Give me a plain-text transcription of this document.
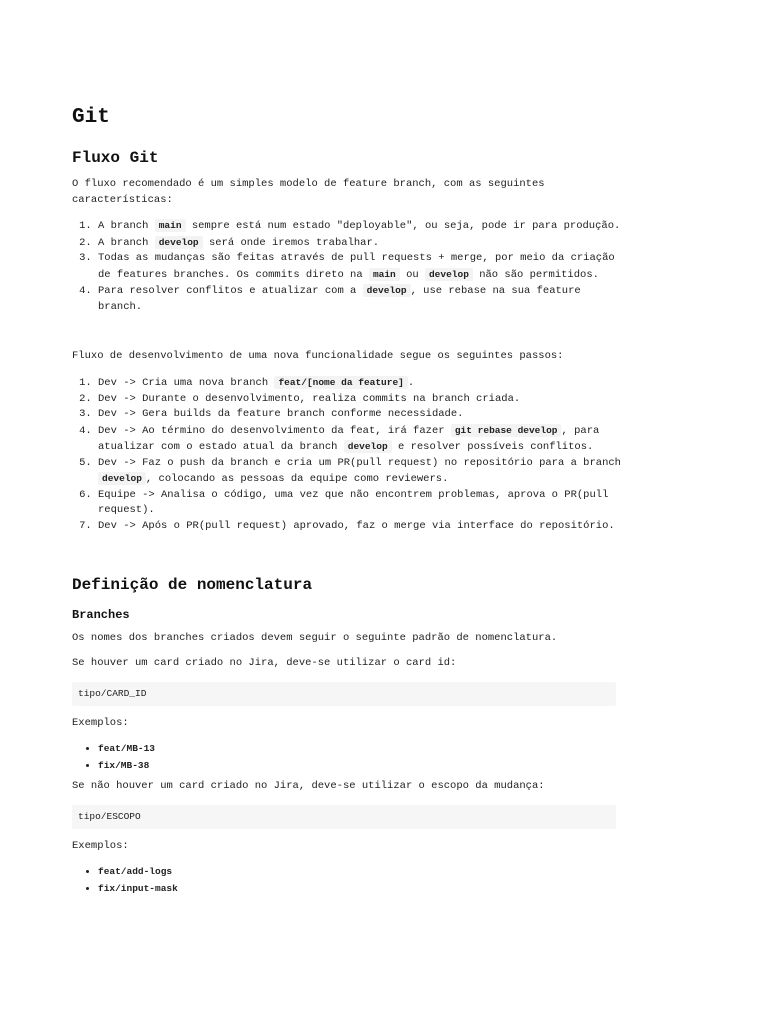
Git
Fluxo Git
O fluxo recomendado é um simples modelo de feature branch, com as seguintes características:
1. A branch main sempre está num estado "deployable", ou seja, pode ir para produção.
2. A branch develop será onde iremos trabalhar.
3. Todas as mudanças são feitas através de pull requests + merge, por meio da criação de features branches. Os commits direto na main ou develop não são permitidos.
4. Para resolver conflitos e atualizar com a develop , use rebase na sua feature branch.
Fluxo de desenvolvimento de uma nova funcionalidade segue os seguintes passos:
1. Dev -> Cria uma nova branch feat/[nome da feature] .
2. Dev -> Durante o desenvolvimento, realiza commits na branch criada.
3. Dev -> Gera builds da feature branch conforme necessidade.
4. Dev -> Ao término do desenvolvimento da feat, irá fazer git rebase develop , para atualizar com o estado atual da branch develop e resolver possíveis conflitos.
5. Dev -> Faz o push da branch e cria um PR(pull request) no repositório para a branch develop , colocando as pessoas da equipe como reviewers.
6. Equipe -> Analisa o código, uma vez que não encontrem problemas, aprova o PR(pull request).
7. Dev -> Após o PR(pull request) aprovado, faz o merge via interface do repositório.
Definição de nomenclatura
Branches
Os nomes dos branches criados devem seguir o seguinte padrão de nomenclatura.
Se houver um card criado no Jira, deve-se utilizar o card id:
tipo/CARD_ID
Exemplos:
• feat/MB-13
• fix/MB-38
Se não houver um card criado no Jira, deve-se utilizar o escopo da mudança:
tipo/ESCOPO
Exemplos:
• feat/add-logs
• fix/input-mask
